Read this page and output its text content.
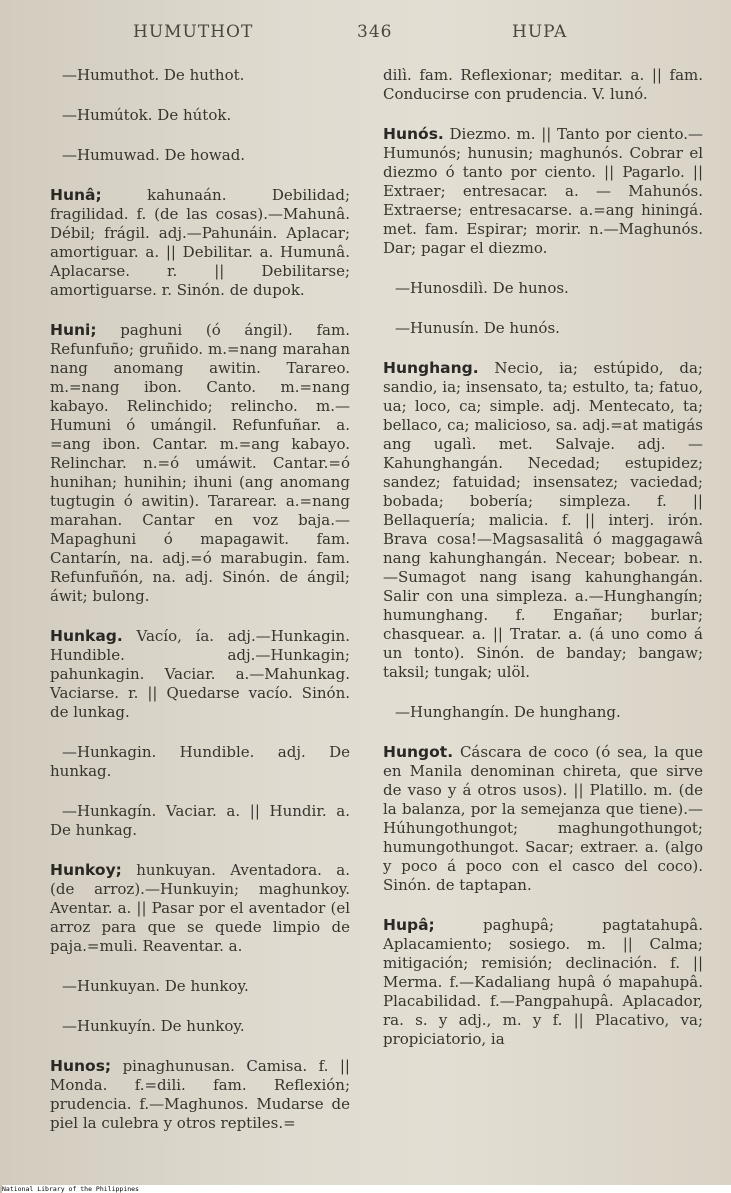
HUMUTHOT	346	HUPA
—Humuthot. De huthot.
—Humútok. De hútok.
—Humuwad. De howad.
Hunâ;	kahunaán. Debilidad; fragilidad. f. (de las cosas).—Mahunâ. Débil; frágil. adj.—Pahunáin. Aplacar; amortiguar. a. || Debilitar. a. Humunâ. Aplacarse. r. || Debilitarse; amortiguarse. r. Sinón. de dupok.
Huni; paghuni (ó ángil). fam. Refunfuño; gruñido. m.=nang marahan nang anomang awitin. Tarareo. m.=nang ibon. Canto. m.=nang kabayo. Relinchido; relincho. m.—Humuni ó umángil. Refunfuñar. a. =ang ibon. Cantar. m.=ang kabayo. Relinchar. n.=ó umáwit. Cantar.=ó hunihan; hunihin; ihuni (ang anomang tugtugin ó awitin). Tararear. a.=nang marahan. Cantar en voz baja.—Mapaghuni ó mapagawit. fam. Cantarín, na. adj.=ó marabugin. fam. Refunfuñón, na. adj. Sinón. de ángil; áwit; bulong.
Hunkag. Vacío, ía. adj.—Hunkagin. Hundible. adj.—Hunkagin; pahunkagin. Vaciar. a.—Mahunkag. Vaciarse. r. || Quedarse vacío. Sinón. de lunkag.
—Hunkagin. Hundible. adj. De hunkag.
—Hunkagín. Vaciar. a. || Hundir. a. De hunkag.
Hunkoy; hunkuyan. Aventadora. a. (de arroz).—Hunkuyin; maghunkoy. Aventar. a. || Pasar por el aventador (el arroz para que se quede limpio de paja.=muli. Reaventar. a.
—Hunkuyan. De hunkoy.
—Hunkuyín. De hunkoy.
Hunos; pinaghunusan. Camisa. f. || Monda. f.=dili. fam. Reflexión; prudencia. f.—Maghunos. Mudarse de piel la culebra y otros reptiles.=
dilì. fam. Reflexionar; meditar. a. || fam. Conducirse con prudencia. V. lunó.
Hunós. Diezmo. m. || Tanto por ciento.—Humunós; hunusin; maghunós. Cobrar el diezmo ó tanto por ciento. || Pagarlo. || Extraer; entresacar. a. — Mahunós. Extraerse; entresacarse. a.=ang hiningá. met. fam. Espirar; morir. n.—Maghunós. Dar; pagar el diezmo.
—Hunosdilì. De hunos.
—Hunusín. De hunós.
Hunghang. Necio, ia; estúpido, da; sandio, ia; insensato, ta; estulto, ta; fatuo, ua; loco, ca; simple. adj. Mentecato, ta; bellaco, ca; malicioso, sa. adj.=at matigás ang ugalì. met. Salvaje. adj. — Kahunghangán. Necedad; estupidez; sandez; fatuidad; insensatez; vaciedad; bobada; bobería; simpleza. f. || Bellaquería; malicia. f. || interj. irón. Brava cosa!—Magsasalitâ ó maggagawâ nang kahunghangán. Necear; bobear. n.—Sumagot nang isang kahunghangán. Salir con una simpleza. a.—Hunghangín; humunghang. f. Engañar; burlar; chasquear. a. || Tratar. a. (á uno como á un tonto). Sinón. de banday; bangaw; taksil; tungak; ulöl.
—Hunghangín. De hunghang.
Hungot. Cáscara de coco (ó sea, la que en Manila denominan chireta, que sirve de vaso y á otros usos). || Platillo. m. (de la balanza, por la semejanza que tiene).— Húhungothungot; maghungothungot; humungothungot. Sacar; extraer. a. (algo y poco á poco con el casco del coco). Sinón. de taptapan.
Hupâ;	paghupâ; pagtatahupâ. Aplacamiento; sosiego. m. || Calma; mitigación; remisión; declinación. f. || Merma. f.—Kadaliang hupâ ó mapahupâ. Placabilidad. f.—Pangpahupâ. Aplacador, ra. s. y adj., m. y f. || Placativo, va; propiciatorio, ia
National Library of the Philippines
